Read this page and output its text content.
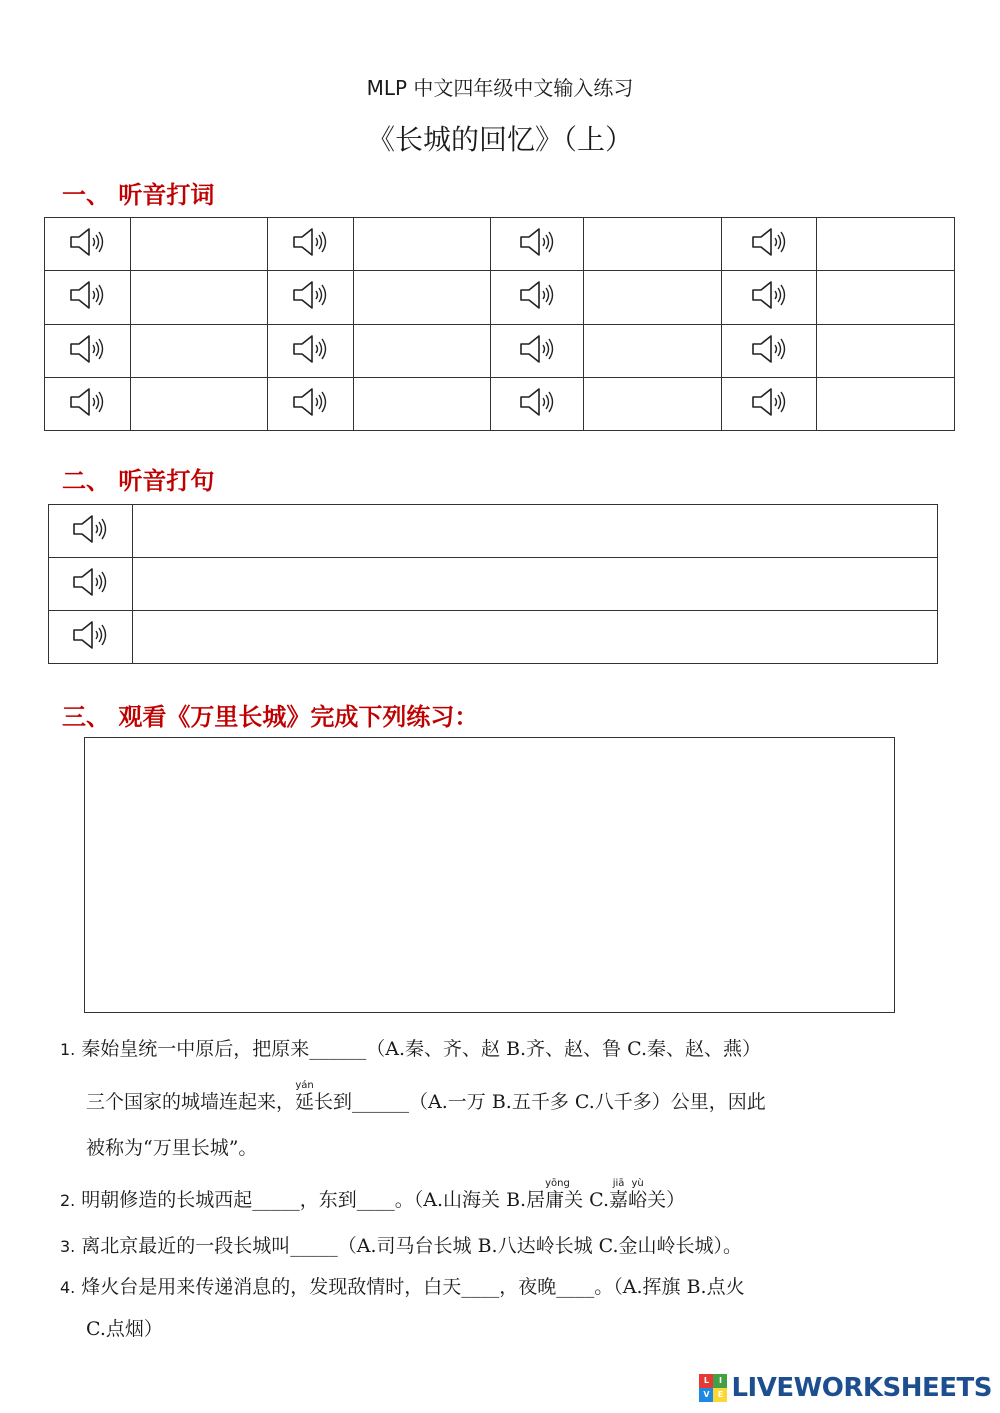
MLP 中文四年级中文输入练习
《长城的回忆》（上）
一、 听音打词

二、 听音打句

三、 观看《万里长城》完成下列练习：
1. 秦始皇统一中原后，把原来______（A.秦、齐、赵 B.齐、赵、鲁 C.秦、赵、燕）
三个国家的城墙连起来，
yán
延长到______（A.一万 B.五千多 C.八千多）公里，因此
被称为“万里长城”。
2. 明朝修造的长城西起_____，东到____。（A.山海关 B.居
yōng
庸关 C.
jiā
嘉
yù
峪关）
3. 离北京最近的一段长城叫_____（A.司马台长城 B.八达岭长城 C.金山岭长城）。
4. 烽火台是用来传递消息的，发现敌情时，白天____，夜晚____。（A.挥旗 B.点火
C.点烟）
L	I
V	E LIVEWORKSHEETS
